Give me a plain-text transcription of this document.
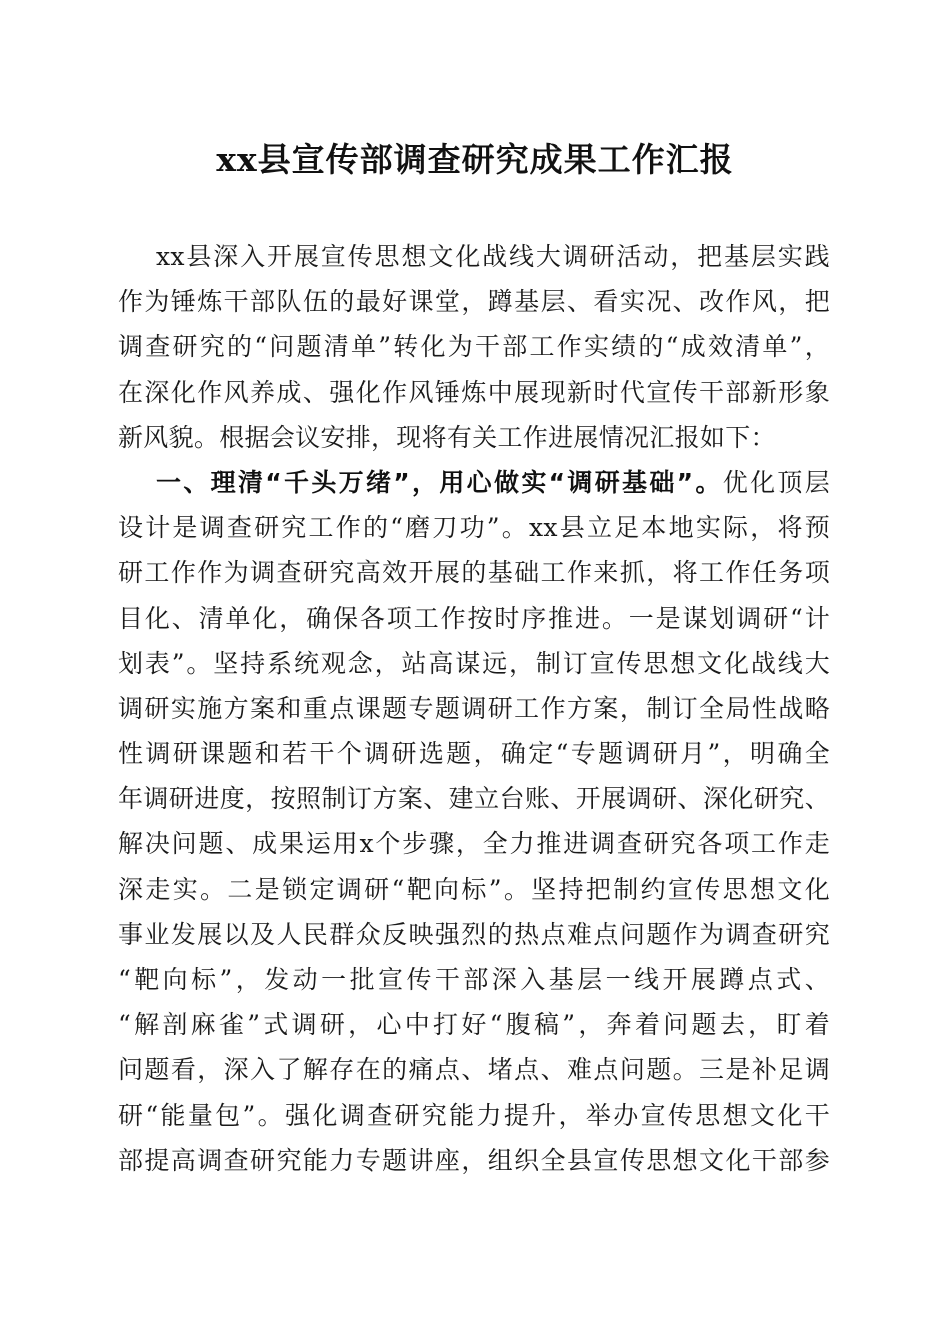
xx县宣传部调查研究成果工作汇报
xx县深入开展宣传思想文化战线大调研活动，把基层实践
作为锤炼干部队伍的最好课堂，蹲基层、看实况、改作风，把
调查研究的“问题清单”转化为干部工作实绩的“成效清单”，
在深化作风养成、强化作风锤炼中展现新时代宣传干部新形象
新风貌。根据会议安排，现将有关工作进展情况汇报如下：
一、理清“千头万绪”，用心做实“调研基础”。优化顶层
设计是调查研究工作的“磨刀功”。xx县立足本地实际，将预
研工作作为调查研究高效开展的基础工作来抓，将工作任务项
目化、清单化，确保各项工作按时序推进。一是谋划调研“计
划表”。坚持系统观念，站高谋远，制订宣传思想文化战线大
调研实施方案和重点课题专题调研工作方案，制订全局性战略
性调研课题和若干个调研选题，确定“专题调研月”，明确全
年调研进度，按照制订方案、建立台账、开展调研、深化研究、
解决问题、成果运用x个步骤，全力推进调查研究各项工作走
深走实。二是锁定调研“靶向标”。坚持把制约宣传思想文化
事业发展以及人民群众反映强烈的热点难点问题作为调查研究
“靶向标”，发动一批宣传干部深入基层一线开展蹲点式、
“解剖麻雀”式调研，心中打好“腹稿”，奔着问题去，盯着
问题看，深入了解存在的痛点、堵点、难点问题。三是补足调
研“能量包”。强化调查研究能力提升，举办宣传思想文化干
部提高调查研究能力专题讲座，组织全县宣传思想文化干部参
